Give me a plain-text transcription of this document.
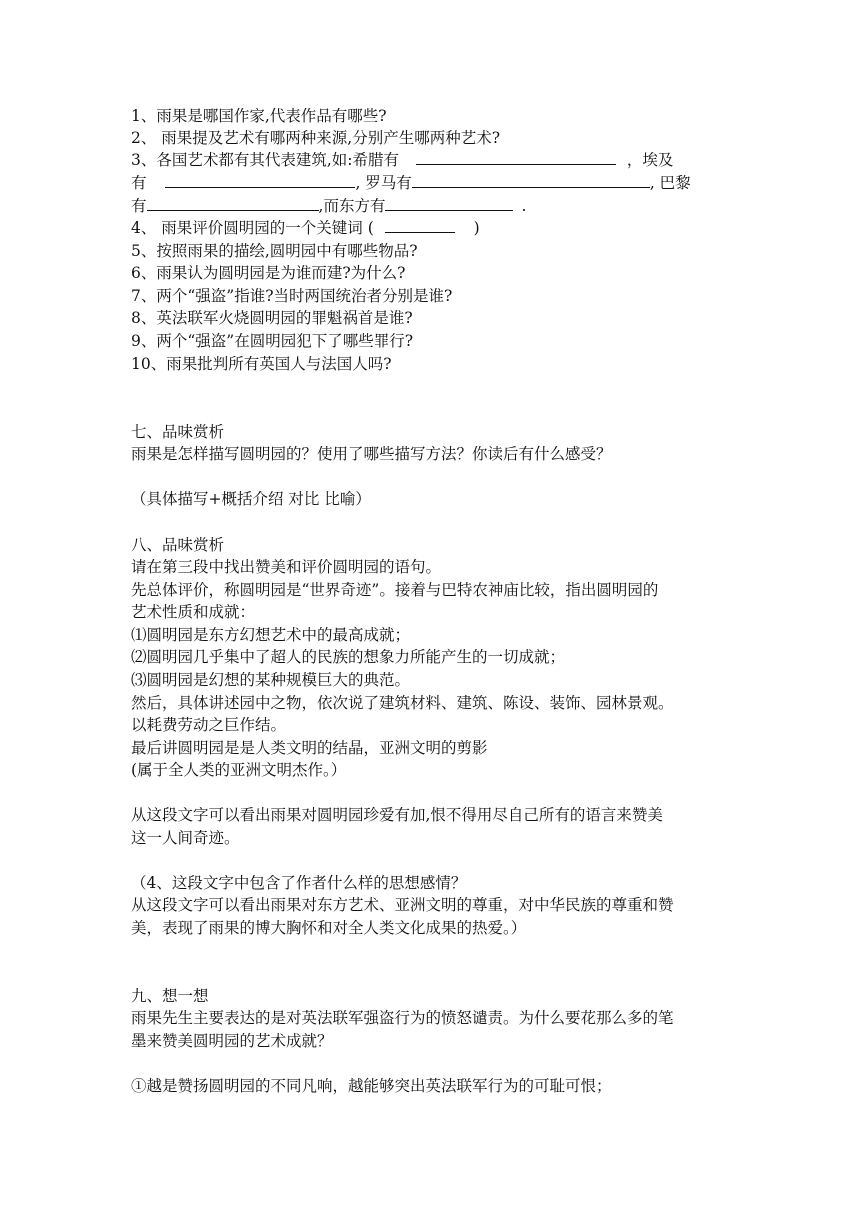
1、雨果是哪国作家,代表作品有哪些?
2、 雨果提及艺术有哪两种来源,分别产生哪两种艺术?
3、各国艺术都有其代表建筑,如:希腊有	，埃及
有	, 罗马有	, 巴黎
有	,而东方有	.
4、 雨果评价圆明园的一个关键词 (	)
5、按照雨果的描绘,圆明园中有哪些物品?
6、雨果认为圆明园是为谁而建?为什么?
7、两个“强盗”指谁?当时两国统治者分别是谁?
8、英法联军火烧圆明园的罪魁祸首是谁?
9、两个“强盗”在圆明园犯下了哪些罪行?
10、雨果批判所有英国人与法国人吗?
七、品味赏析
雨果是怎样描写圆明园的？使用了哪些描写方法？你读后有什么感受？
（具体描写+概括介绍 对比 比喻）
八、品味赏析
请在第三段中找出赞美和评价圆明园的语句。
先总体评价，称圆明园是“世界奇迹”。接着与巴特农神庙比较，指出圆明园的
艺术性质和成就：
⑴圆明园是东方幻想艺术中的最高成就；
⑵圆明园几乎集中了超人的民族的想象力所能产生的一切成就；
⑶圆明园是幻想的某种规模巨大的典范。
然后，具体讲述园中之物，依次说了建筑材料、建筑、陈设、装饰、园林景观。
以耗费劳动之巨作结。
最后讲圆明园是是人类文明的结晶，亚洲文明的剪影
(属于全人类的亚洲文明杰作。）
从这段文字可以看出雨果对圆明园珍爱有加,恨不得用尽自己所有的语言来赞美
这一人间奇迹。
（4、这段文字中包含了作者什么样的思想感情？
从这段文字可以看出雨果对东方艺术、亚洲文明的尊重，对中华民族的尊重和赞
美，表现了雨果的博大胸怀和对全人类文化成果的热爱。）
九、想一想
雨果先生主要表达的是对英法联军强盗行为的愤怒谴责。为什么要花那么多的笔
墨来赞美圆明园的艺术成就？
①越是赞扬圆明园的不同凡响，越能够突出英法联军行为的可耻可恨；
